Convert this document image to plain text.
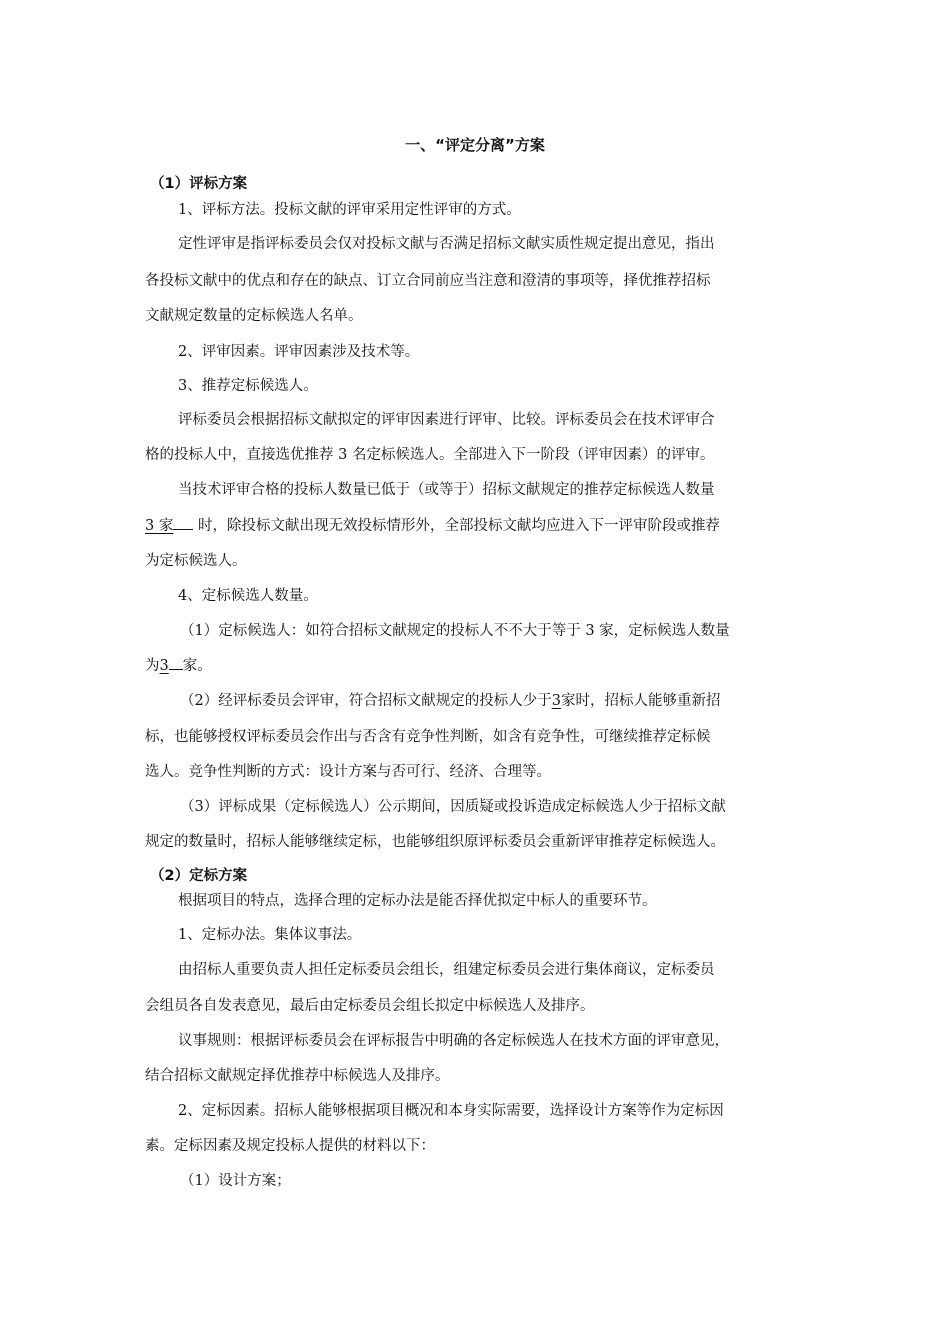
一、“评定分离”方案
（1）评标方案
1、评标方法。投标文献的评审采用定性评审的方式。
定性评审是指评标委员会仅对投标文献与否满足招标文献实质性规定提出意见，指出
各投标文献中的优点和存在的缺点、订立合同前应当注意和澄清的事项等，择优推荐招标
文献规定数量的定标候选人名单。
2、评审因素。评审因素涉及技术等。
3、推荐定标候选人。
评标委员会根据招标文献拟定的评审因素进行评审、比较。评标委员会在技术评审合
格的投标人中，直接选优推荐 3 名定标候选人。全部进入下一阶段（评审因素）的评审。
当技术评审合格的投标人数量已低于（或等于）招标文献规定的推荐定标候选人数量
3 家 时，除投标文献出现无效投标情形外，全部投标文献均应进入下一评审阶段或推荐
为定标候选人。
4、定标候选人数量。
（1）定标候选人：如符合招标文献规定的投标人不不大于等于 3 家，定标候选人数量
为3 家。
（2）经评标委员会评审，符合招标文献规定的投标人少于3家时，招标人能够重新招
标，也能够授权评标委员会作出与否含有竞争性判断，如含有竞争性，可继续推荐定标候
选人。竞争性判断的方式：设计方案与否可行、经济、合理等。
（3）评标成果（定标候选人）公示期间，因质疑或投诉造成定标候选人少于招标文献
规定的数量时，招标人能够继续定标，也能够组织原评标委员会重新评审推荐定标候选人。
（2）定标方案
根据项目的特点，选择合理的定标办法是能否择优拟定中标人的重要环节。
1、定标办法。集体议事法。
由招标人重要负责人担任定标委员会组长，组建定标委员会进行集体商议，定标委员
会组员各自发表意见，最后由定标委员会组长拟定中标候选人及排序。
议事规则：根据评标委员会在评标报告中明确的各定标候选人在技术方面的评审意见，
结合招标文献规定择优推荐中标候选人及排序。
2、定标因素。招标人能够根据项目概况和本身实际需要，选择设计方案等作为定标因
素。定标因素及规定投标人提供的材料以下：
（1）设计方案；
